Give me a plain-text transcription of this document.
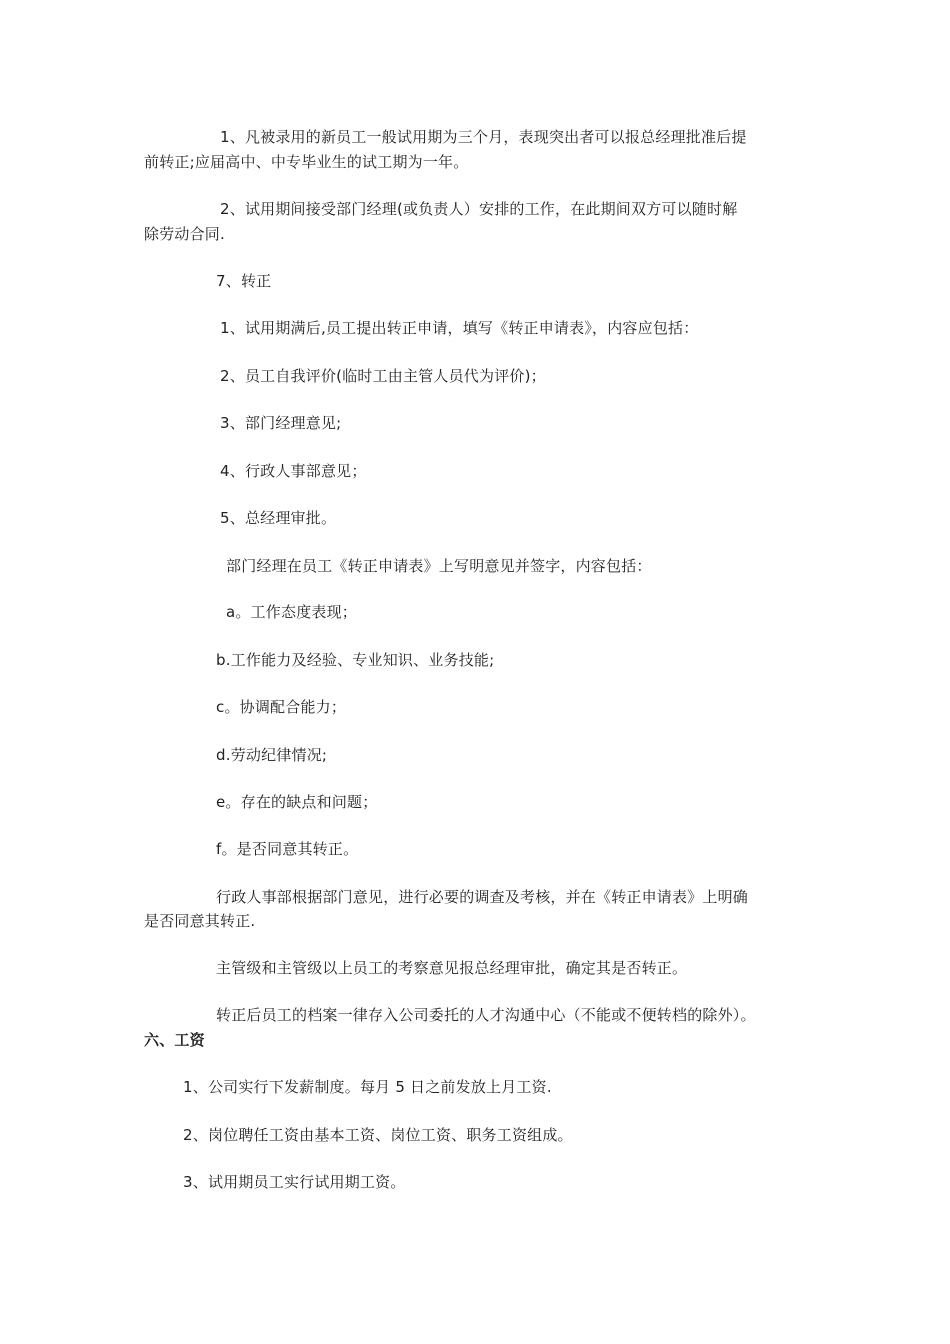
1、凡被录用的新员工一般试用期为三个月，表现突出者可以报总经理批准后提
前转正;应届高中、中专毕业生的试工期为一年。
2、试用期间接受部门经理(或负责人）安排的工作，在此期间双方可以随时解
除劳动合同.
7、转正
1、试用期满后,员工提出转正申请，填写《转正申请表》，内容应包括：
2、员工自我评价(临时工由主管人员代为评价)；
3、部门经理意见;
4、行政人事部意见；
5、总经理审批。
部门经理在员工《转正申请表》上写明意见并签字，内容包括：
a。工作态度表现；
b.工作能力及经验、专业知识、业务技能;
c。协调配合能力；
d.劳动纪律情况;
e。存在的缺点和问题；
f。是否同意其转正。
行政人事部根据部门意见，进行必要的调查及考核，并在《转正申请表》上明确
是否同意其转正.
主管级和主管级以上员工的考察意见报总经理审批，确定其是否转正。
转正后员工的档案一律存入公司委托的人才沟通中心（不能或不便转档的除外）。
六、工资
1、公司实行下发薪制度。每月 5 日之前发放上月工资.
2、岗位聘任工资由基本工资、岗位工资、职务工资组成。
3、试用期员工实行试用期工资。
